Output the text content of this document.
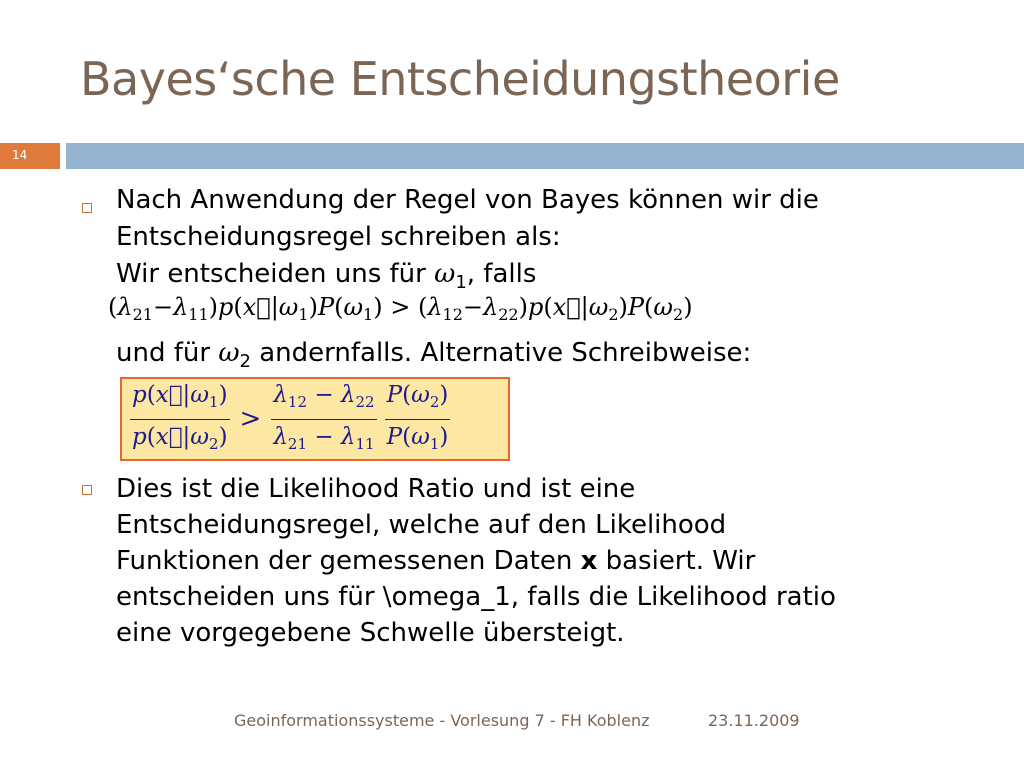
Bayes‘sche Entscheidungstheorie
14
Nach Anwendung der Regel von Bayes können wir die
Entscheidungsregel schreiben als:
Wir entscheiden uns für $\omega_1$, falls
$(\lambda_{21}-\lambda_{11})p(x⃗|\omega_1)P(\omega_1)$ > $(\lambda_{12}-\lambda_{22})p(x⃗|\omega_2)P(\omega_2)$
und für $\omega_2$ andernfalls. Alternative Schreibweise:
$\frac{p(x⃗|\omega_1)}{p(x⃗|\omega_2)} > \frac{\lambda_{12} - \lambda_{22}}{\lambda_{21} - \lambda_{11}} \frac{P(\omega_2)}{P(\omega_1)}$
Dies ist die Likelihood Ratio und ist eine
Entscheidungsregel, welche auf den Likelihood
Funktionen der gemessenen Daten x basiert. Wir
entscheiden uns für \omega_1, falls die Likelihood ratio
eine vorgegebene Schwelle übersteigt.
Geoinformationssysteme - Vorlesung 7 - FH Koblenz	23.11.2009
